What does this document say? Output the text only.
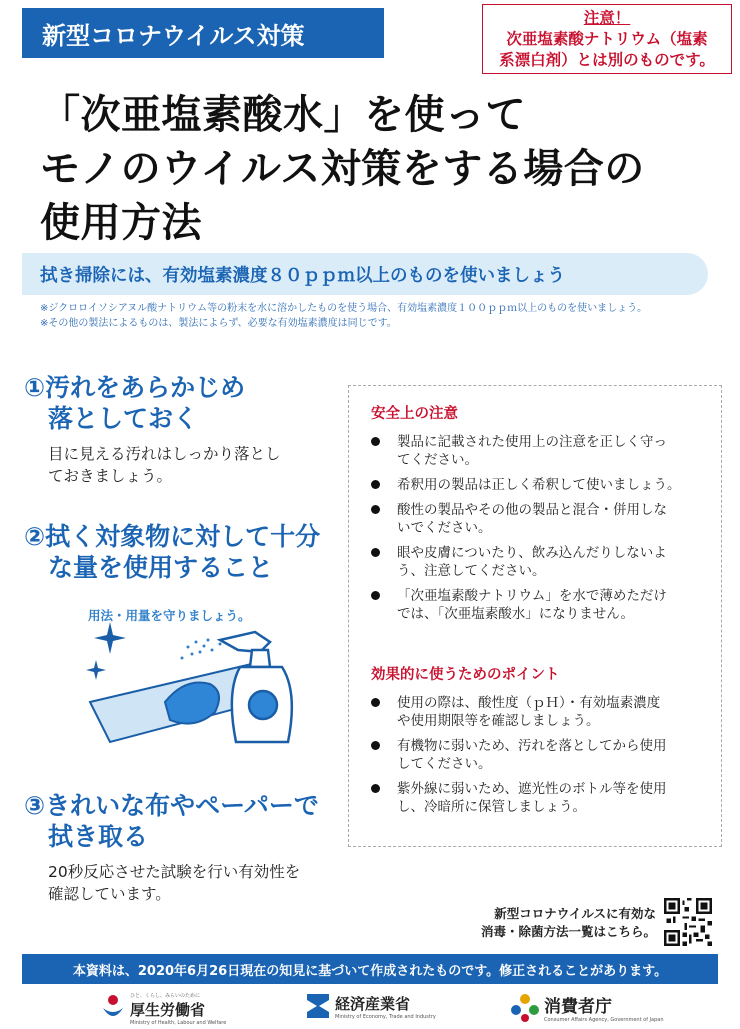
新型コロナウイルス対策
注意！
次亜塩素酸ナトリウム（塩素
系漂白剤）とは別のものです。
「次亜塩素酸水」を使って
モノのウイルス対策をする場合の
使用方法
拭き掃除には、有効塩素濃度８０ｐｐｍ以上のものを使いましょう
※ジクロロイソシアヌル酸ナトリウム等の粉末を水に溶かしたものを使う場合、有効塩素濃度１００ｐｐｍ以上のものを使いましょう。
※その他の製法によるものは、製法によらず、必要な有効塩素濃度は同じです。
①汚れをあらかじめ
落としておく
目に見える汚れはしっかり落とし
ておきましょう。
②拭く対象物に対して十分
な量を使用すること
用法・用量を守りましょう。
③きれいな布やペーパーで
拭き取る
20秒反応させた試験を行い有効性を
確認しています。
安全上の注意
製品に記載された使用上の注意を正しく守っ
てください。
希釈用の製品は正しく希釈して使いましょう。
酸性の製品やその他の製品と混合・併用しな
いでください。
眼や皮膚についたり、飲み込んだりしないよ
う、注意してください。
「次亜塩素酸ナトリウム」を水で薄めただけ
では、「次亜塩素酸水」になりません。
効果的に使うためのポイント
使用の際は、酸性度（ｐＨ）・有効塩素濃度
や使用期限等を確認しましょう。
有機物に弱いため、汚れを落としてから使用
してください。
紫外線に弱いため、遮光性のボトル等を使用
し、冷暗所に保管しましょう。
新型コロナウイルスに有効な
消毒・除菌方法一覧はこちら。
本資料は、2020年6月26日現在の知見に基づいて作成されたものです。修正されることがあります。
ひと、くらし、みらいのために
厚生労働省
Ministry of Health, Labour and Welfare
経済産業省
Ministry of Economy, Trade and Industry	消費者庁
Consumer Affairs Agency, Government of Japan
